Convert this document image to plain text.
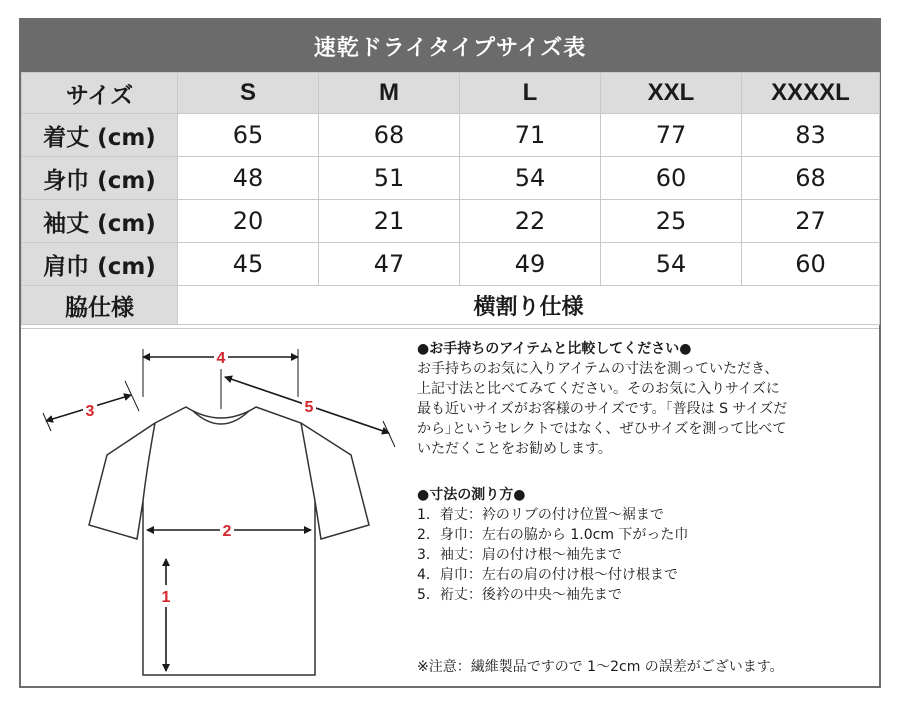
速乾ドライタイプサイズ表
サイズ	S	M	L	XXL	XXXXL
着丈 (cm)	65	68	71	77	83
身巾 (cm)	48	51	54	60	68
袖丈 (cm)	20	21	22	25	27
肩巾 (cm)	45	47	49	54	60
脇仕様	横割り仕様				
1
2
3
4
5

●お手持ちのアイテムと比較してください●

お手持ちのお気に入りアイテムの寸法を測っていただき、

上記寸法と比べてみてください。そのお気に入りサイズに

最も近いサイズがお客様のサイズです。｢普段は S サイズだ

から｣というセレクトではなく、ぜひサイズを測って比べて

いただくことをお勧めします。

●寸法の測り方●

1．着丈：衿のリブの付け位置〜裾まで

2．身巾：左右の脇から 1.0cm 下がった巾

3．袖丈：肩の付け根〜袖先まで

4．肩巾：左右の肩の付け根〜付け根まで

5．裄丈：後衿の中央〜袖先まで

※注意：繊維製品ですので 1〜2cm の誤差がございます。
